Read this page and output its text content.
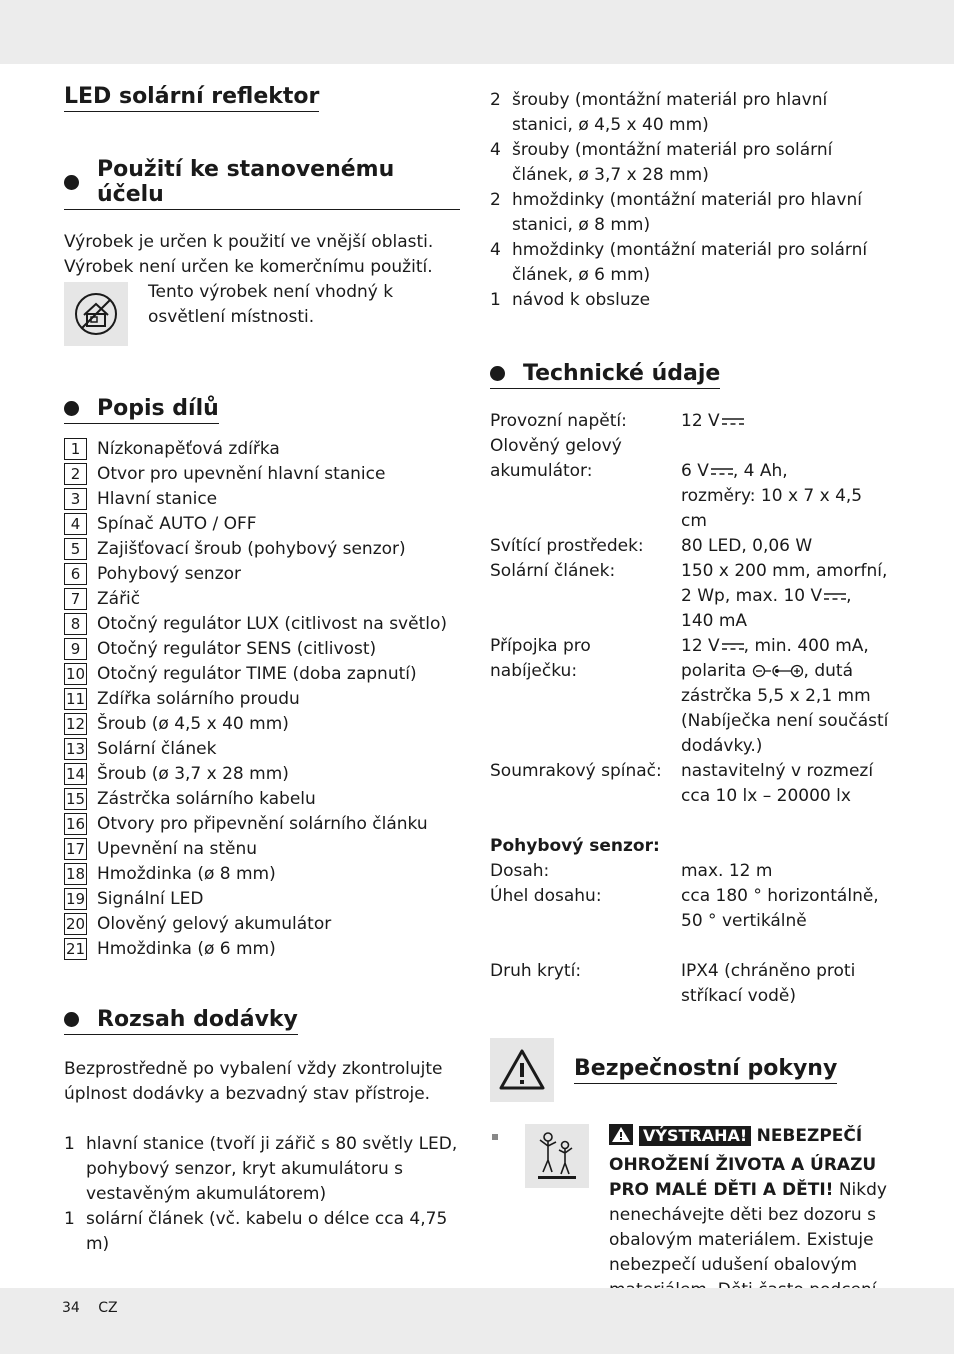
LED solární reflektor
Použití ke stanovenému účelu

Výrobek je určen k použití ve vnější oblasti. Výrobek není určen ke komerčnímu použití.

Tento výrobek není vhodný k osvětlení místnosti.
Popis dílů
1 Nízkonapěťová zdířka
2 Otvor pro upevnění hlavní stanice
3 Hlavní stanice
4 Spínač AUTO / OFF
5 Zajišťovací šroub (pohybový senzor)
6 Pohybový senzor
7 Zářič
8 Otočný regulátor LUX (citlivost na světlo)
9 Otočný regulátor SENS (citlivost)
10 Otočný regulátor TIME (doba zapnutí)
11 Zdířka solárního proudu
12 Šroub (ø 4,5 x 40 mm)
13 Solární článek
14 Šroub (ø 3,7 x 28 mm)
15 Zástrčka solárního kabelu
16 Otvory pro připevnění solárního článku
17 Upevnění na stěnu
18 Hmoždinka (ø 8 mm)
19 Signální LED
20 Olověný gelový akumulátor
21 Hmoždinka (ø 6 mm)
Rozsah dodávky

Bezprostředně po vybalení vždy zkontrolujte úplnost dodávky a bezvadný stav přístroje.

1 hlavní stanice (tvoří ji zářič s 80 světly LED, pohybový senzor, kryt akumulátoru s vestavěným akumulátorem)
1 solární článek (vč. kabelu o délce cca 4,75 m)
2 šrouby (montážní materiál pro hlavní stanici, ø 4,5 x 40 mm)
4 šrouby (montážní materiál pro solární článek, ø 3,7 x 28 mm)
2 hmoždinky (montážní materiál pro hlavní stanici, ø 8 mm)
4 hmoždinky (montážní materiál pro solární článek, ø 6 mm)
1 návod k obsluze
Technické údaje
Provozní napětí:	12 V
Olověný gelový akumulátor:	6 V , 4 Ah,
rozměry: 10 x 7 x 4,5 cm
Svítící prostředek:	80 LED, 0,06 W
Solární článek:	150 x 200 mm, amorfní,
2 Wp, max. 10 V ,
140 mA
Přípojka pro nabíječku:
12 V , min. 400 mA,
polarita	, dutá
zástrčka 5,5 x 2,1 mm
(Nabíječka není součástí dodávky.)
Soumrakový spínač:	nastavitelný v rozmezí cca 10 lx – 20000 lx
Pohybový senzor:
Dosah:	max. 12 m
Úhel dosahu:	cca 180 ° horizontálně,
50 ° vertikálně
Druh krytí:	IPX4 (chráněno proti stříkací vodě)
Bezpečnostní pokyny
VÝSTRAHA! NEBEZPEČÍ OHROŽENÍ ŽIVOTA A ÚRAZU PRO MALÉ DĚTI A DĚTI! Nikdy nenechávejte děti bez dozoru s obalovým materiálem. Existuje nebezpečí udušení obalovým
34 CZ
